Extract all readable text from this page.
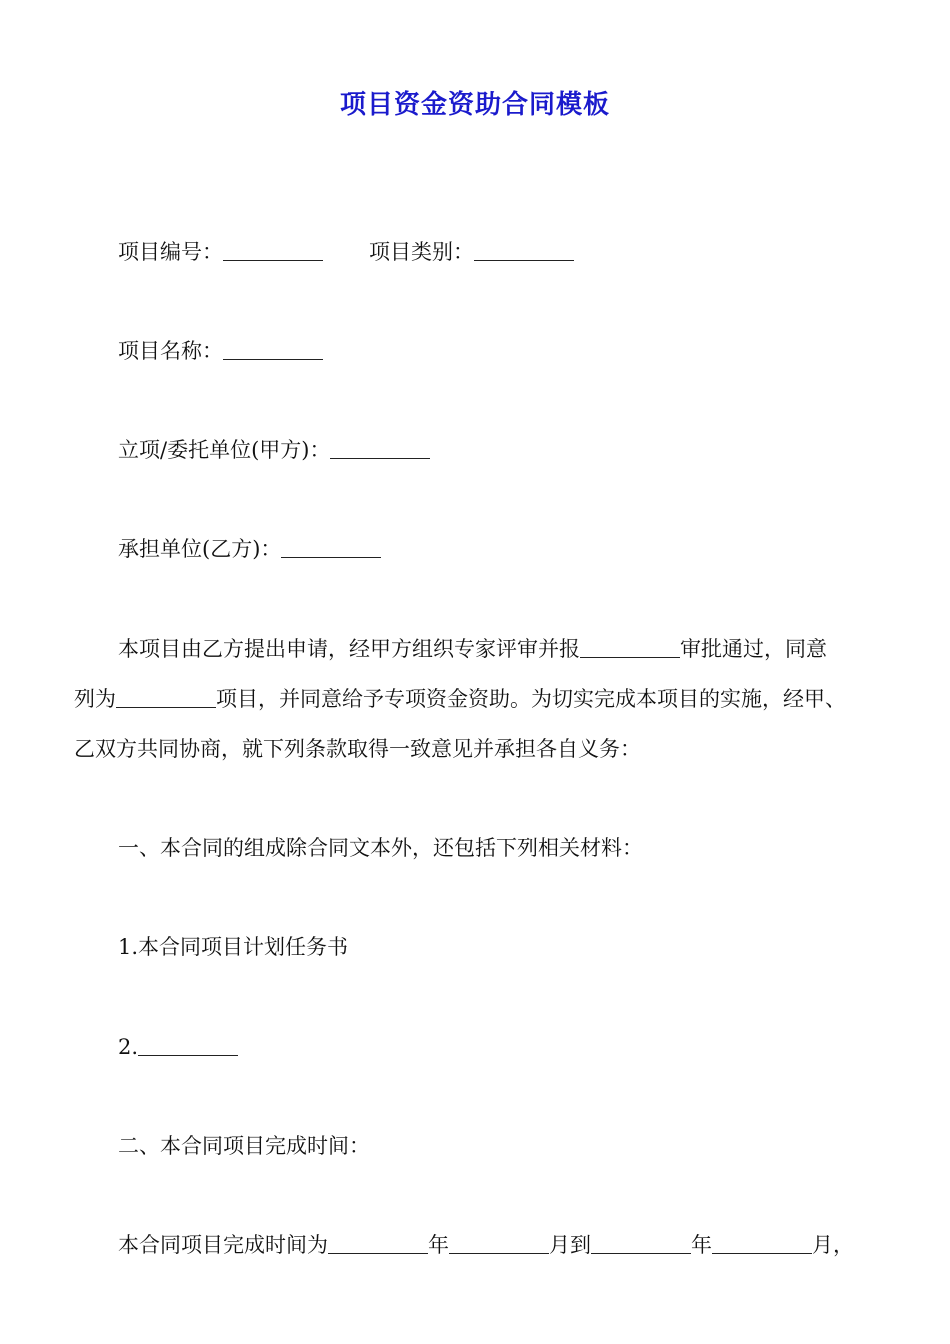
项目资金资助合同模板
项目编号：	项目类别：
项目名称：
立项/委托单位(甲方)：
承担单位(乙方)：
本项目由乙方提出申请，经甲方组织专家评审并报	审批通过，同意
列为	项目，并同意给予专项资金资助。为切实完成本项目的实施，经甲、
乙双方共同协商，就下列条款取得一致意见并承担各自义务：
一、本合同的组成除合同文本外，还包括下列相关材料：
1.本合同项目计划任务书
2.
二、本合同项目完成时间：
本合同项目完成时间为	年	月到	年	月，
